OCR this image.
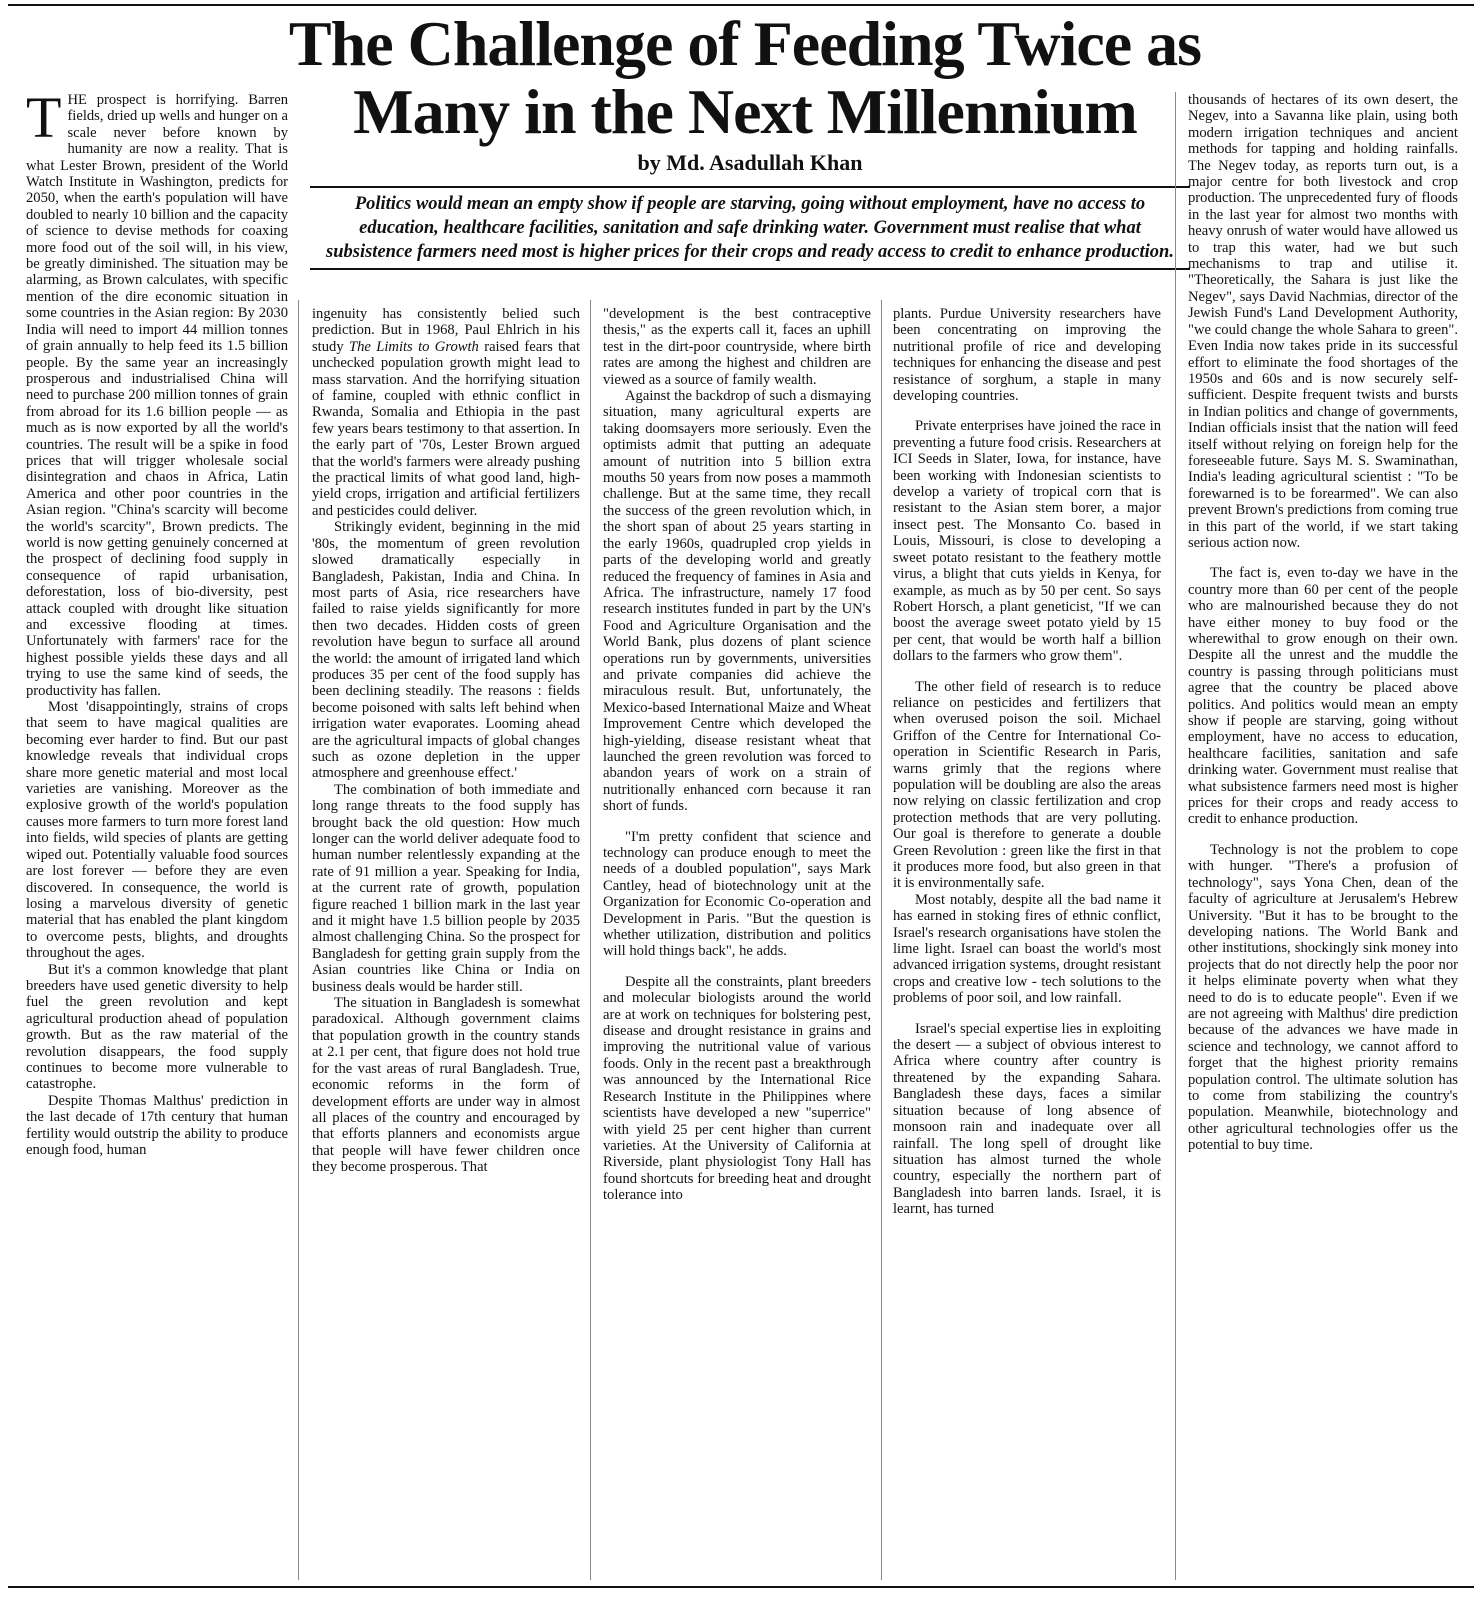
The Challenge of Feeding Twice as Many in the Next Millennium

by Md. Asadullah Khan

Politics would mean an empty show if people are starving, going without employment, have no access to education, healthcare facilities, sanitation and safe drinking water. Government must realise that what subsistence farmers need most is higher prices for their crops and ready access to credit to enhance production.

THE prospect is horrifying. Barren fields, dried up wells and hunger on a scale never before known by humanity are now a reality. That is what Lester Brown, president of the World Watch Institute in Washington, predicts for 2050, when the earth's population will have doubled to nearly 10 billion and the capacity of science to devise methods for coaxing more food out of the soil will, in his view, be greatly diminished. The situation may be alarming, as Brown calculates, with specific mention of the dire economic situation in some countries in the Asian region: By 2030 India will need to import 44 million tonnes of grain annually to help feed its 1.5 billion people. By the same year an increasingly prosperous and industrialised China will need to purchase 200 million tonnes of grain from abroad for its 1.6 billion people — as much as is now exported by all the world's countries. The result will be a spike in food prices that will trigger wholesale social disintegration and chaos in Africa, Latin America and other poor countries in the Asian region. "China's scarcity will become the world's scarcity", Brown predicts. The world is now getting genuinely concerned at the prospect of declining food supply in consequence of rapid urbanisation, deforestation, loss of bio-diversity, pest attack coupled with drought like situation and excessive flooding at times. Unfortunately with farmers' race for the highest possible yields these days and all trying to use the same kind of seeds, the productivity has fallen.

Most 'disappointingly, strains of crops that seem to have magical qualities are becoming ever harder to find. But our past knowledge reveals that individual crops share more genetic material and most local varieties are vanishing. Moreover as the explosive growth of the world's population causes more farmers to turn more forest land into fields, wild species of plants are getting wiped out. Potentially valuable food sources are lost forever — before they are even discovered. In consequence, the world is losing a marvelous diversity of genetic material that has enabled the plant kingdom to overcome pests, blights, and droughts throughout the ages.

But it's a common knowledge that plant breeders have used genetic diversity to help fuel the green revolution and kept agricultural production ahead of population growth. But as the raw material of the revolution disappears, the food supply continues to become more vulnerable to catastrophe.

Despite Thomas Malthus' prediction in the last decade of 17th century that human fertility would outstrip the ability to produce enough food, human

ingenuity has consistently belied such prediction. But in 1968, Paul Ehlrich in his study The Limits to Growth raised fears that unchecked population growth might lead to mass starvation. And the horrifying situation of famine, coupled with ethnic conflict in Rwanda, Somalia and Ethiopia in the past few years bears testimony to that assertion. In the early part of '70s, Lester Brown argued that the world's farmers were already pushing the practical limits of what good land, high-yield crops, irrigation and artificial fertilizers and pesticides could deliver.

Strikingly evident, beginning in the mid '80s, the momentum of green revolution slowed dramatically especially in Bangladesh, Pakistan, India and China. In most parts of Asia, rice researchers have failed to raise yields significantly for more then two decades. Hidden costs of green revolution have begun to surface all around the world: the amount of irrigated land which produces 35 per cent of the food supply has been declining steadily. The reasons : fields become poisoned with salts left behind when irrigation water evaporates. Looming ahead are the agricultural impacts of global changes such as ozone depletion in the upper atmosphere and greenhouse effect.'

The combination of both immediate and long range threats to the food supply has brought back the old question: How much longer can the world deliver adequate food to human number relentlessly expanding at the rate of 91 million a year. Speaking for India, at the current rate of growth, population figure reached 1 billion mark in the last year and it might have 1.5 billion people by 2035 almost challenging China. So the prospect for Bangladesh for getting grain supply from the Asian countries like China or India on business deals would be harder still.

The situation in Bangladesh is somewhat paradoxical. Although government claims that population growth in the country stands at 2.1 per cent, that figure does not hold true for the vast areas of rural Bangladesh. True, economic reforms in the form of development efforts are under way in almost all places of the country and encouraged by that efforts planners and economists argue that people will have fewer children once they become prosperous. That

"development is the best contraceptive thesis," as the experts call it, faces an uphill test in the dirt-poor countryside, where birth rates are among the highest and children are viewed as a source of family wealth.

Against the backdrop of such a dismaying situation, many agricultural experts are taking doomsayers more seriously. Even the optimists admit that putting an adequate amount of nutrition into 5 billion extra mouths 50 years from now poses a mammoth challenge. But at the same time, they recall the success of the green revolution which, in the short span of about 25 years starting in the early 1960s, quadrupled crop yields in parts of the developing world and greatly reduced the frequency of famines in Asia and Africa. The infrastructure, namely 17 food research institutes funded in part by the UN's Food and Agriculture Organisation and the World Bank, plus dozens of plant science operations run by governments, universities and private companies did achieve the miraculous result. But, unfortunately, the Mexico-based International Maize and Wheat Improvement Centre which developed the high-yielding, disease resistant wheat that launched the green revolution was forced to abandon years of work on a strain of nutritionally enhanced corn because it ran short of funds.

"I'm pretty confident that science and technology can produce enough to meet the needs of a doubled population", says Mark Cantley, head of biotechnology unit at the Organization for Economic Co-operation and Development in Paris. "But the question is whether utilization, distribution and politics will hold things back", he adds.

Despite all the constraints, plant breeders and molecular biologists around the world are at work on techniques for bolstering pest, disease and drought resistance in grains and improving the nutritional value of various foods. Only in the recent past a breakthrough was announced by the International Rice Research Institute in the Philippines where scientists have developed a new "superrice" with yield 25 per cent higher than current varieties. At the University of California at Riverside, plant physiologist Tony Hall has found shortcuts for breeding heat and drought tolerance into

plants. Purdue University researchers have been concentrating on improving the nutritional profile of rice and developing techniques for enhancing the disease and pest resistance of sorghum, a staple in many developing countries.

Private enterprises have joined the race in preventing a future food crisis. Researchers at ICI Seeds in Slater, Iowa, for instance, have been working with Indonesian scientists to develop a variety of tropical corn that is resistant to the Asian stem borer, a major insect pest. The Monsanto Co. based in Louis, Missouri, is close to developing a sweet potato resistant to the feathery mottle virus, a blight that cuts yields in Kenya, for example, as much as by 50 per cent. So says Robert Horsch, a plant geneticist, "If we can boost the average sweet potato yield by 15 per cent, that would be worth half a billion dollars to the farmers who grow them".

The other field of research is to reduce reliance on pesticides and fertilizers that when overused poison the soil. Michael Griffon of the Centre for International Co-operation in Scientific Research in Paris, warns grimly that the regions where population will be doubling are also the areas now relying on classic fertilization and crop protection methods that are very polluting. Our goal is therefore to generate a double Green Revolution : green like the first in that it produces more food, but also green in that it is environmentally safe.

Most notably, despite all the bad name it has earned in stoking fires of ethnic conflict, Israel's research organisations have stolen the lime light. Israel can boast the world's most advanced irrigation systems, drought resistant crops and creative low - tech solutions to the problems of poor soil, and low rainfall.

Israel's special expertise lies in exploiting the desert — a subject of obvious interest to Africa where country after country is threatened by the expanding Sahara. Bangladesh these days, faces a similar situation because of long absence of monsoon rain and inadequate over all rainfall. The long spell of drought like situation has almost turned the whole country, especially the northern part of Bangladesh into barren lands. Israel, it is learnt, has turned

thousands of hectares of its own desert, the Negev, into a Savanna like plain, using both modern irrigation techniques and ancient methods for tapping and holding rainfalls. The Negev today, as reports turn out, is a major centre for both livestock and crop production. The unprecedented fury of floods in the last year for almost two months with heavy onrush of water would have allowed us to trap this water, had we but such mechanisms to trap and utilise it. "Theoretically, the Sahara is just like the Negev", says David Nachmias, director of the Jewish Fund's Land Development Authority, "we could change the whole Sahara to green". Even India now takes pride in its successful effort to eliminate the food shortages of the 1950s and 60s and is now securely self-sufficient. Despite frequent twists and bursts in Indian politics and change of governments, Indian officials insist that the nation will feed itself without relying on foreign help for the foreseeable future. Says M. S. Swaminathan, India's leading agricultural scientist : "To be forewarned is to be forearmed". We can also prevent Brown's predictions from coming true in this part of the world, if we start taking serious action now.

The fact is, even to-day we have in the country more than 60 per cent of the people who are malnourished because they do not have either money to buy food or the wherewithal to grow enough on their own. Despite all the unrest and the muddle the country is passing through politicians must agree that the country be placed above politics. And politics would mean an empty show if people are starving, going without employment, have no access to education, healthcare facilities, sanitation and safe drinking water. Government must realise that what subsistence farmers need most is higher prices for their crops and ready access to credit to enhance production.

Technology is not the problem to cope with hunger. "There's a profusion of technology", says Yona Chen, dean of the faculty of agriculture at Jerusalem's Hebrew University. "But it has to be brought to the developing nations. The World Bank and other institutions, shockingly sink money into projects that do not directly help the poor nor it helps eliminate poverty when what they need to do is to educate people". Even if we are not agreeing with Malthus' dire prediction because of the advances we have made in science and technology, we cannot afford to forget that the highest priority remains population control. The ultimate solution has to come from stabilizing the country's population. Meanwhile, biotechnology and other agricultural technologies offer us the potential to buy time.
